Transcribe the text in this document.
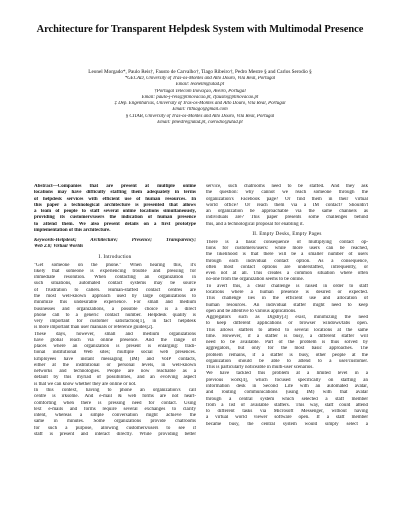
Architecture for Transparent Helpdesk System with Multimodal Presence
Leonel Morgado*, Paulo Reis†, Fausto de Carvalho†, Tiago Ribeiro†, Pedro Mestre § and Carlos Serodio §
*GECAD, University of Trás-os-Montes and Alto Douro, Vila Real, Portugal
Email: leonelm@utad.pt
†Portugal Telecom Inovação, Aveiro, Portugal
Email: paulo-j-reis@ptinovacao.pt, cfausto@ptinovacao.pt
‡ Dep. Engenharias, University of Trás-os-Montes and Alto Douro, Vila Real, Portugal
Email: rlthiago@gmail.com
§ CITAB, University of Trás-os-Montes and Alto Douro, Vila Real, Portugal
Email: pmestre@utad.pt, cserodio@utad.pt
Abstract—Companies that are present at multiple online
locations may have difficulty staffing them adequately in terms
of helpdesk services with efficient use of human resources. In
this paper a technological architecture is presented that allows
a team of people to staff several online locations simultaneously,
providing its customers/users the indication of human presence
to attend them. We also present details on a first prototype
implementation of this architecture.
Keywords-Helpdesk; Architecture; Presence; Transparency;
Web 2.0; Virtual Worlds
I. Introduction
"Get someone on the phone." When hearing this, it's
likely that someone is experiencing trouble and pressing for
immediate resolution. When contacting an organization in
such situations, automated contact systems may be source
of frustration to callers. Human-staffed contact centres are
the most well-known approach used by large organizations to
minimize this undesirable experience. For small and medium
businesses and organizations, a possible choice is a direct
phone call to a generic contact number. Helpdesk quality is
very important for customer satisfaction[1], in fact helpdesk
is more important than user manuals or reference guides[2].
These days, however, small and medium organizations
have global reach via online presence. And the range of
places where an organization is present is enlarging: tradi-
tional institutional Web sites; multiple social web presences.
Employees have instant messaging (IM) and VoIP contacts,
either at the institutional or personal levels, in well-known
networks and technologies. People are now reachable as a
default by this myriad of possibilities, and an evolving aspect
is that we can know whether they are online or not.
In this context, having to phone an organization's call
centre is irksome. And e-mail & web forms are not heart-
comforting when there is pressing need for contact. Using
text e-mails and forms require several exchanges to clarify
intent, whereas a simple conversation might achieve the
same in minutes. Some organizations provide chatrooms
for such a purpose, allowing customers/users to see if
staff is present and interact directly. While providing better
service, such chatrooms need to be staffed. And they ask
the question: why cannot we reach someone through the
organization's Facebook page? Or find them in their virtual
world office? Or reach them via a IM contact? Shouldn't
an organization be approachable via the same channels as
individuals are? This paper presents some challenges behind
this, and a technological proposal for enabling it.
II. Empty Desks, Empty Pages
There is a basic consequence of multiplying contact op-
tions for customers/users: while more users can be reached,
the likelihood is that there will be a smaller number of users
through each individual contact option. As a consequence,
often most contact options are understaffed, infrequently, or
even not at all. This creates a common situation where often
no-one from the organization seems to be online.
To avert this, a clear challenge is raised in order to staff
locations where a human presence is desired or expected.
This challenge lies in the efficient use and allocation of
human resources. An individual staffer might need to keep
open and be attentive to various applications.
Aggregators such as Digsby[3] exist, minimizing the need
to keep different applications or browser windows/tabs open.
This allows staffers to attend to several locations at the same
time. However, if a staffer is busy, a different staffer will
need to be available. Part of the problem is thus solved by
aggregators, but only for the most basic approaches. The
problem remains, if a staffer is busy, other people at the
organization should be able to attend to a user/customer.
This is particularly noticeable in multi-user scenarios.
We have tackled this problem at a limited level in a
previous work[4], which focused specifically on staffing an
information desk in Second Life with an automated avatar,
and routing communications (using IM) with that avatar
through a central system which selected a staff member
from a list of available staffers. This way, staff could attend
to different tasks via Microsoft Messenger, without having
a virtual world viewer software open. If a staff member
became busy, the central system would simply select a
